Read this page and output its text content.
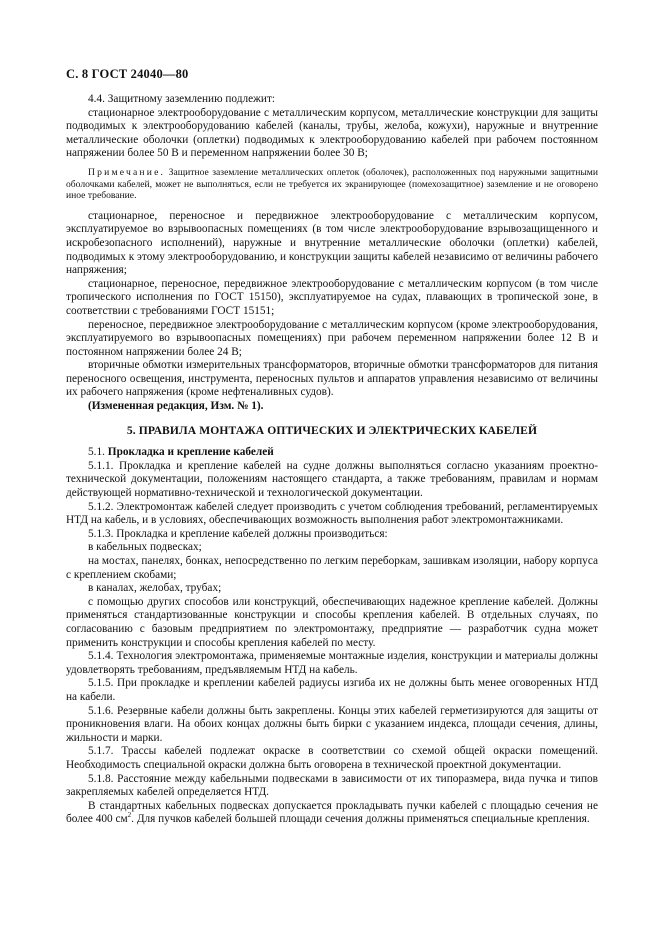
С. 8 ГОСТ 24040—80

4.4. Защитному заземлению подлежит:

стационарное электрооборудование с металлическим корпусом, металлические конструкции для защиты подводимых к электрооборудованию кабелей (каналы, трубы, желоба, кожухи), наружные и внутренние металлические оболочки (оплетки) подводимых к электрооборудованию кабелей при рабочем постоянном напряжении более 50 В и переменном напряжении более 30 В;

Примечание. Защитное заземление металлических оплеток (оболочек), расположенных под наружными защитными оболочками кабелей, может не выполняться, если не требуется их экранирующее (помехозащитное) заземление и не оговорено иное требование.

стационарное, переносное и передвижное электрооборудование с металлическим корпусом, эксплуатируемое во взрывоопасных помещениях (в том числе электрооборудование взрывозащищенного и искробезопасного исполнений), наружные и внутренние металлические оболочки (оплетки) кабелей, подводимых к этому электрооборудованию, и конструкции защиты кабелей независимо от величины рабочего напряжения;

стационарное, переносное, передвижное электрооборудование с металлическим корпусом (в том числе тропического исполнения по ГОСТ 15150), эксплуатируемое на судах, плавающих в тропической зоне, в соответствии с требованиями ГОСТ 15151;

переносное, передвижное электрооборудование с металлическим корпусом (кроме электрооборудования, эксплуатируемого во взрывоопасных помещениях) при рабочем переменном напряжении более 12 В и постоянном напряжении более 24 В;

вторичные обмотки измерительных трансформаторов, вторичные обмотки трансформаторов для питания переносного освещения, инструмента, переносных пультов и аппаратов управления независимо от величины их рабочего напряжения (кроме нефтеналивных судов).

(Измененная редакция, Изм. № 1).

5. ПРАВИЛА МОНТАЖА ОПТИЧЕСКИХ И ЭЛЕКТРИЧЕСКИХ КАБЕЛЕЙ

5.1. Прокладка и крепление кабелей

5.1.1. Прокладка и крепление кабелей на судне должны выполняться согласно указаниям проектно-технической документации, положениям настоящего стандарта, а также требованиям, правилам и нормам действующей нормативно-технической и технологической документации.

5.1.2. Электромонтаж кабелей следует производить с учетом соблюдения требований, регламентируемых НТД на кабель, и в условиях, обеспечивающих возможность выполнения работ электромонтажниками.

5.1.3. Прокладка и крепление кабелей должны производиться:

в кабельных подвесках;

на мостах, панелях, бонках, непосредственно по легким переборкам, зашивкам изоляции, набору корпуса с креплением скобами;

в каналах, желобах, трубах;

с помощью других способов или конструкций, обеспечивающих надежное крепление кабелей. Должны применяться стандартизованные конструкции и способы крепления кабелей. В отдельных случаях, по согласованию с базовым предприятием по электромонтажу, предприятие — разработчик судна может применить конструкции и способы крепления кабелей по месту.

5.1.4. Технология электромонтажа, применяемые монтажные изделия, конструкции и материалы должны удовлетворять требованиям, предъявляемым НТД на кабель.

5.1.5. При прокладке и креплении кабелей радиусы изгиба их не должны быть менее оговоренных НТД на кабели.

5.1.6. Резервные кабели должны быть закреплены. Концы этих кабелей герметизируются для защиты от проникновения влаги. На обоих концах должны быть бирки с указанием индекса, площади сечения, длины, жильности и марки.

5.1.7. Трассы кабелей подлежат окраске в соответствии со схемой общей окраски помещений. Необходимость специальной окраски должна быть оговорена в технической проектной документации.

5.1.8. Расстояние между кабельными подвесками в зависимости от их типоразмера, вида пучка и типов закрепляемых кабелей определяется НТД.

В стандартных кабельных подвесках допускается прокладывать пучки кабелей с площадью сечения не более 400 $см^2$. Для пучков кабелей большей площади сечения должны применяться специальные крепления.
